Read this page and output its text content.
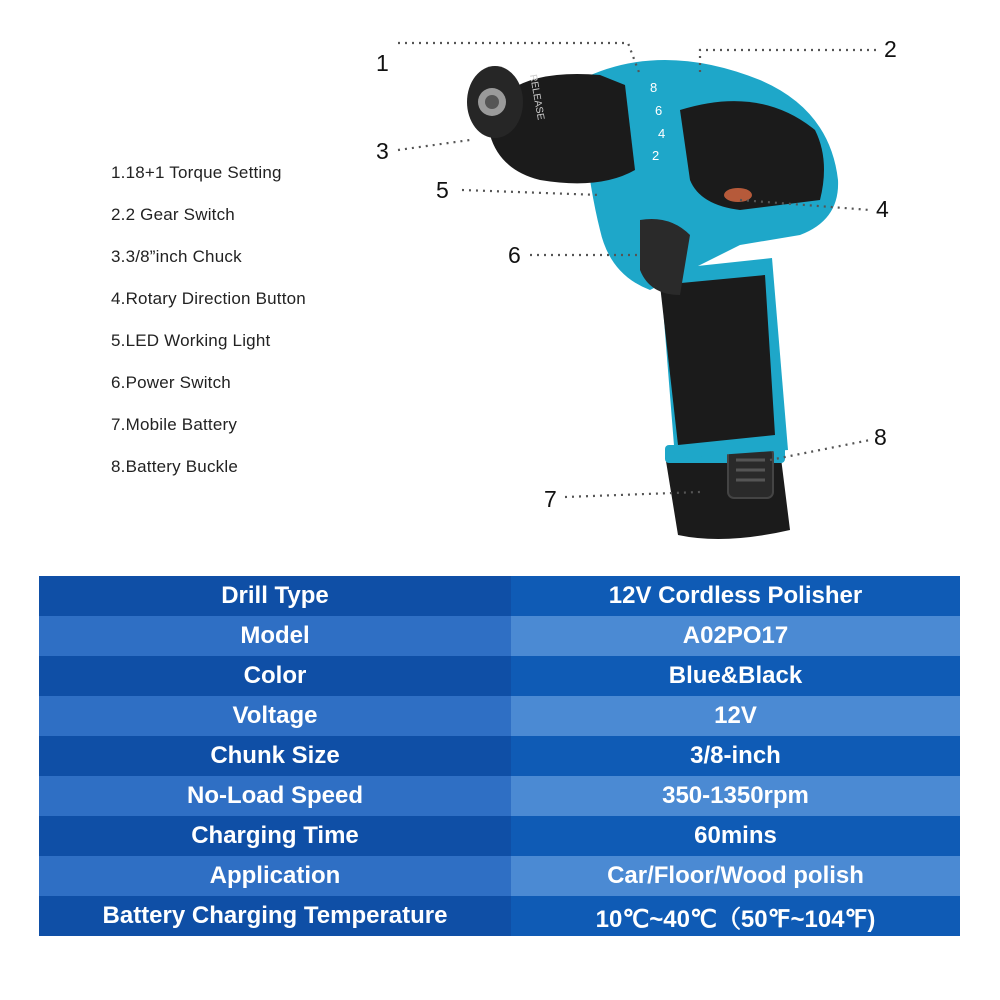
1.18+1 Torque Setting
2.2 Gear Switch
3.3/8”inch Chuck
4.Rotary Direction Button
5.LED Working Light
6.Power Switch
7.Mobile Battery
8.Battery Buckle
RELEASE	8
6
4
2
1
2
3
4
5
6
7
8
Drill Type	12V Cordless Polisher
Model	A02PO17
Color	Blue&Black
Voltage	12V
Chunk Size	3/8-inch
No-Load Speed	350-1350rpm
Charging Time	60mins
Application	Car/Floor/Wood polish
Battery Charging Temperature	10℃~40℃（50℉~104℉)
